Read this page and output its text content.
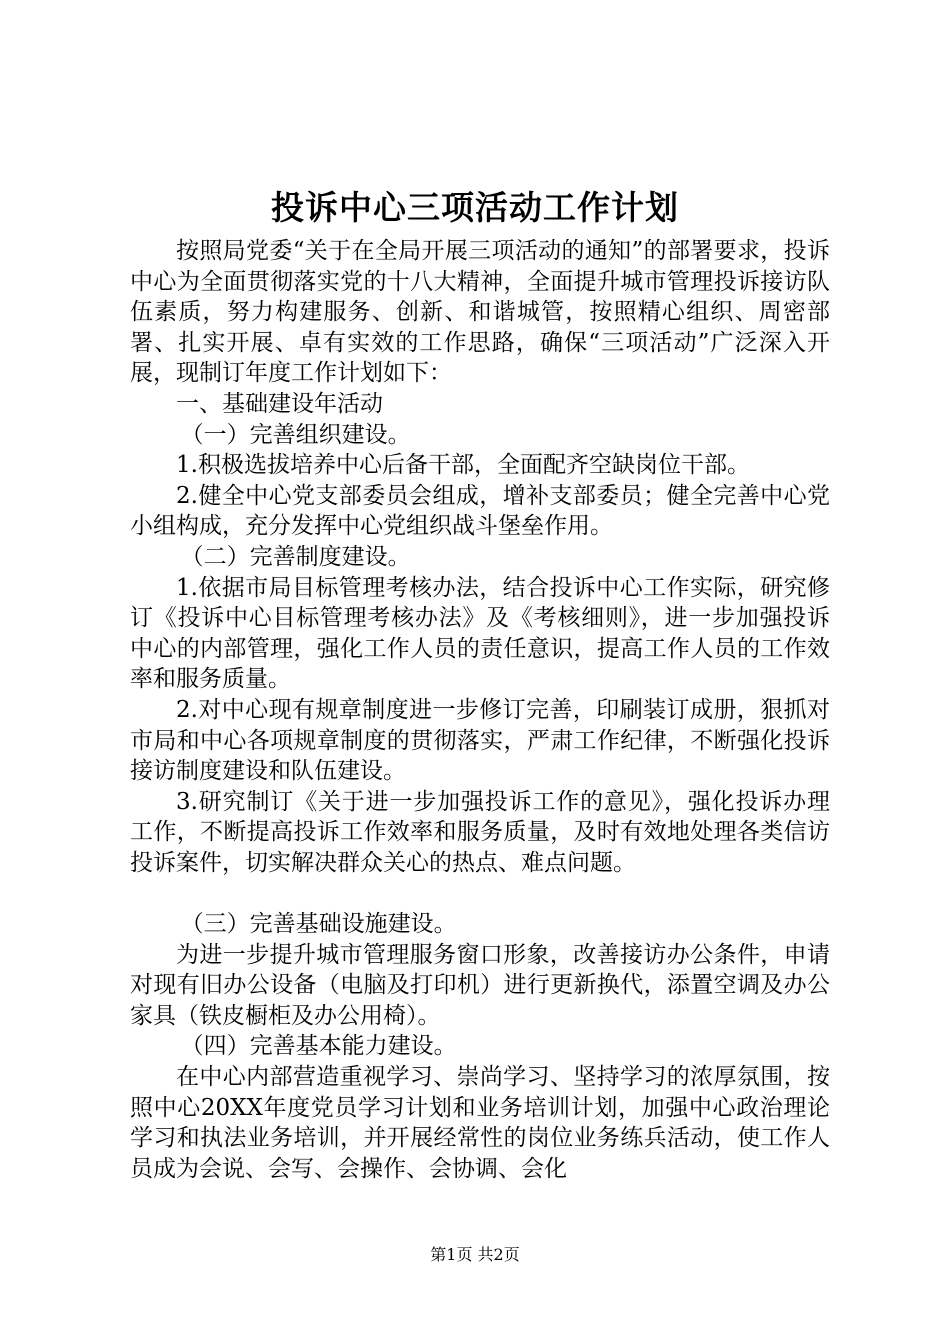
投诉中心三项活动工作计划

按照局党委“关于在全局开展三项活动的通知”的部署要求，投诉中心为全面贯彻落实党的十八大精神，全面提升城市管理投诉接访队伍素质，努力构建服务、创新、和谐城管，按照精心组织、周密部署、扎实开展、卓有实效的工作思路，确保“三项活动”广泛深入开展，现制订年度工作计划如下：

一、基础建设年活动

（一）完善组织建设。

1.积极选拔培养中心后备干部，全面配齐空缺岗位干部。

2.健全中心党支部委员会组成，增补支部委员；健全完善中心党小组构成，充分发挥中心党组织战斗堡垒作用。

（二）完善制度建设。

1.依据市局目标管理考核办法，结合投诉中心工作实际，研究修订《投诉中心目标管理考核办法》及《考核细则》，进一步加强投诉中心的内部管理，强化工作人员的责任意识，提高工作人员的工作效率和服务质量。

2.对中心现有规章制度进一步修订完善，印刷装订成册，狠抓对市局和中心各项规章制度的贯彻落实，严肃工作纪律，不断强化投诉接访制度建设和队伍建设。

3.研究制订《关于进一步加强投诉工作的意见》，强化投诉办理工作，不断提高投诉工作效率和服务质量，及时有效地处理各类信访投诉案件，切实解决群众关心的热点、难点问题。

（三）完善基础设施建设。

为进一步提升城市管理服务窗口形象，改善接访办公条件，申请对现有旧办公设备（电脑及打印机）进行更新换代，添置空调及办公家具（铁皮橱柜及办公用椅）。

（四）完善基本能力建设。

在中心内部营造重视学习、崇尚学习、坚持学习的浓厚氛围，按照中心20XX年度党员学习计划和业务培训计划，加强中心政治理论学习和执法业务培训，并开展经常性的岗位业务练兵活动，使工作人员成为会说、会写、会操作、会协调、会化

第1页 共2页
